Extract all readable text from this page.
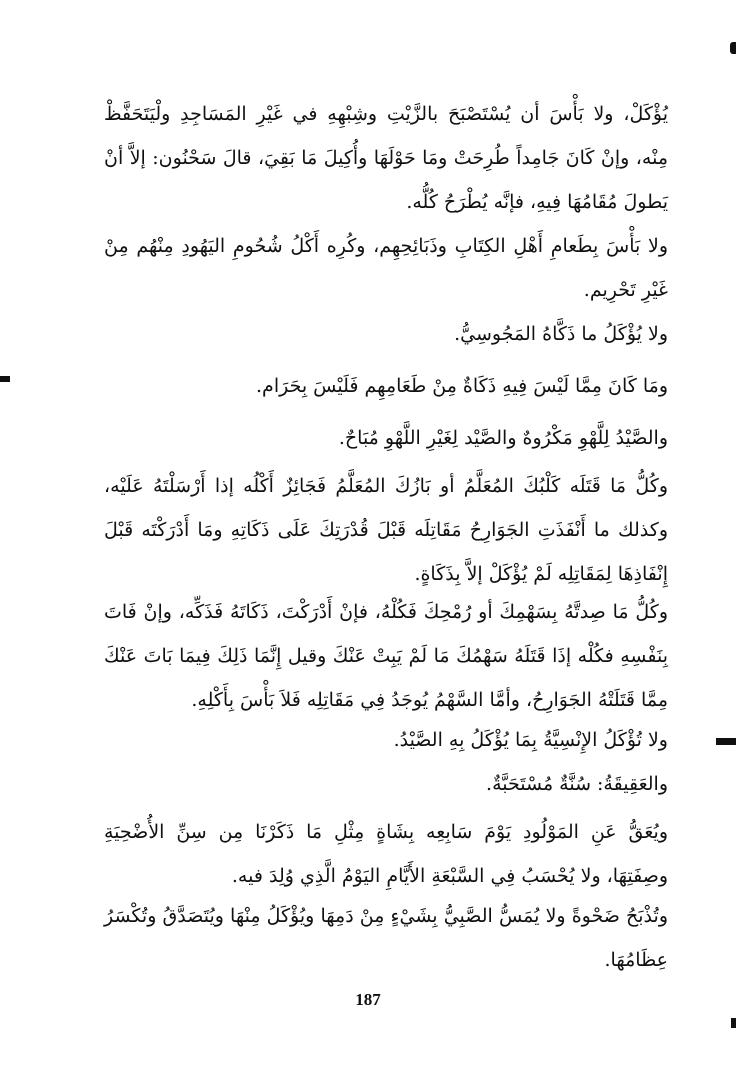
يُؤْكَلْ، ولا بَأْسَ أن يُسْتَصْبَحَ بالزَّيْتِ وشِبْهِهِ في غَيْرِ المَسَاجِدِ ولْيَتَحَفَّظْ مِنْه، وإنْ كَانَ جَامِداً طُرِحَتْ ومَا حَوْلَهَا وأُكِيلَ مَا بَقِيَ، قالَ سَحْنُون: إلاَّ أنْ يَطولَ مُقَامُهَا فِيهِ، فإنَّه يُطْرَحُ كُلُّه.

ولا بَأْسَ بِطَعامِ أَهْلِ الكِتَابِ وذَبَائِحِهِم، وكُرِه أَكْلُ شُحُومِ اليَهُودِ مِنْهُم مِنْ غَيْرِ تَحْرِيم.

ولا يُؤْكَلُ ما ذَكَّاهُ المَجُوسِيُّ.

ومَا كَانَ مِمَّا لَيْسَ فِيهِ ذَكَاةٌ مِنْ طَعَامِهِم فَلَيْسَ بِحَرَام.

والصَّيْدُ لِلَّهْوِ مَكْرُوهٌ والصَّيْد لِغَيْرِ اللَّهْوِ مُبَاحٌ.

وكُلُّ مَا قَتَلَه كَلْبُكَ المُعَلَّمُ أو بَازُكَ المُعَلَّمُ فَجَائِزٌ أَكْلُه إذا أَرْسَلْتَهُ عَلَيْه، وكذلك ما أَنْفَذَتِ الجَوَارِحُ مَقَاتِلَه قَبْلَ قُدْرَتِكَ عَلَى ذَكَاتِهِ ومَا أَدْرَكْتَه قَبْلَ إِنْفَاذِهَا لِمَقَاتِلِه لَمْ يُؤْكَلْ إلاَّ بِذَكَاةٍ.

وكُلُّ مَا صِدتَّهُ بِسَهْمِكَ أو رُمْحِكَ فَكُلْهُ، فإنْ أَدْرَكْتَ، ذَكَاتَهُ فَذَكِّه، وإنْ فَاتَ بِنَفْسِهِ فكُلْه إذَا قَتَلَهُ سَهْمُكَ مَا لَمْ يَبِتْ عَنْكَ وقيل إِنَّمَا ذَلِكَ فِيمَا بَاتَ عَنْكَ مِمَّا قَتَلَتْهُ الجَوَارِحُ، وأمَّا السَّهْمُ يُوجَدُ فِي مَقَاتِلِه فَلاَ بَأْسَ بِأَكْلِهِ.

ولا تُؤْكَلُ الإِنْسِيَّةُ بِمَا يُؤْكَلُ بِهِ الصَّيْدُ.

والعَقِيقَةُ: سُنَّةٌ مُسْتَحَبَّةٌ.

ويُعَقُّ عَنِ المَوْلُودِ يَوْمَ سَابِعِه بِشَاةٍ مِثْلِ مَا ذَكَرْنَا مِن سِنِّ الأُضْحِيَةِ وصِفَتِهَا، ولا يُحْسَبُ فِي السَّبْعَةِ الأَيَّامِ اليَوْمُ الَّذِي وُلِدَ فيه.

وتُذْبَحُ ضَحْوةً ولا يُمَسُّ الصَّبِيُّ بِشَيْءٍ مِنْ دَمِهَا ويُؤْكَلُ مِنْهَا ويُتَصَدَّقُ وتُكْسَرُ عِظَامُهَا.

187
